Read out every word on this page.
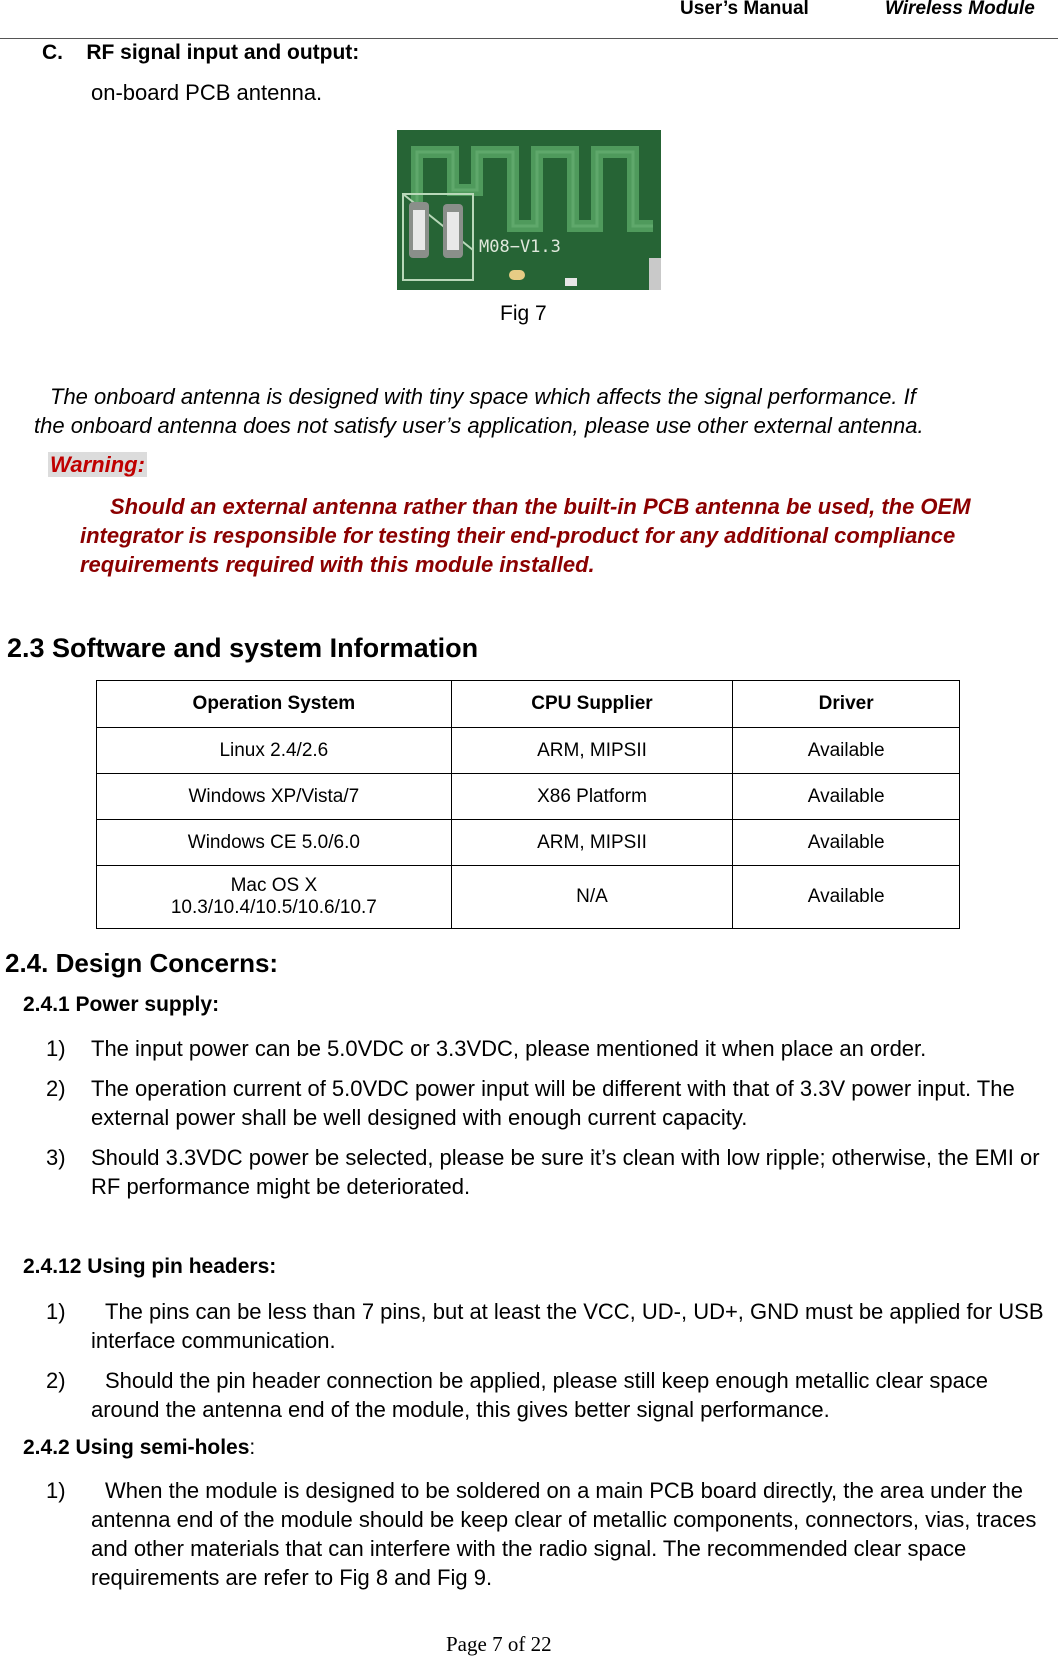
User’s Manual	Wireless Module
C.    RF signal input and output:
on-board PCB antenna.
M08−V1.3
Fig 7
The onboard antenna is designed with tiny space which affects the signal performance. If
the onboard antenna does not satisfy user’s application, please use other external antenna.
Warning:
Should an external antenna rather than the built-in PCB antenna be used, the OEM integrator is responsible for testing their end-product for any additional compliance requirements required with this module installed.
2.3 Software and system Information
Operation System	CPU Supplier	Driver
Linux 2.4/2.6	ARM, MIPSII	Available
Windows XP/Vista/7	X86 Platform	Available
Windows CE 5.0/6.0	ARM, MIPSII	Available

Mac OS X
10.3/10.4/10.5/10.6/10.7	N/A	Available
2.4. Design Concerns:
2.4.1 Power supply:
1) The input power can be 5.0VDC or 3.3VDC, please mentioned it when place an order.
2) The operation current of 5.0VDC power input will be different with that of 3.3V power input. The external power shall be well designed with enough current capacity.
3) Should 3.3VDC power be selected, please be sure it’s clean with low ripple; otherwise, the EMI or RF performance might be deteriorated.
2.4.12 Using pin headers:
1) The pins can be less than 7 pins, but at least the VCC, UD-, UD+, GND must be applied for USB interface communication.
2) Should the pin header connection be applied, please still keep enough metallic clear space around the antenna end of the module, this gives better signal performance.
2.4.2 Using semi-holes:
1) When the module is designed to be soldered on a main PCB board directly, the area under the antenna end of the module should be keep clear of metallic components, connectors, vias, traces and other materials that can interfere with the radio signal. The recommended clear space requirements are refer to Fig 8 and Fig 9.
Page 7 of 22
